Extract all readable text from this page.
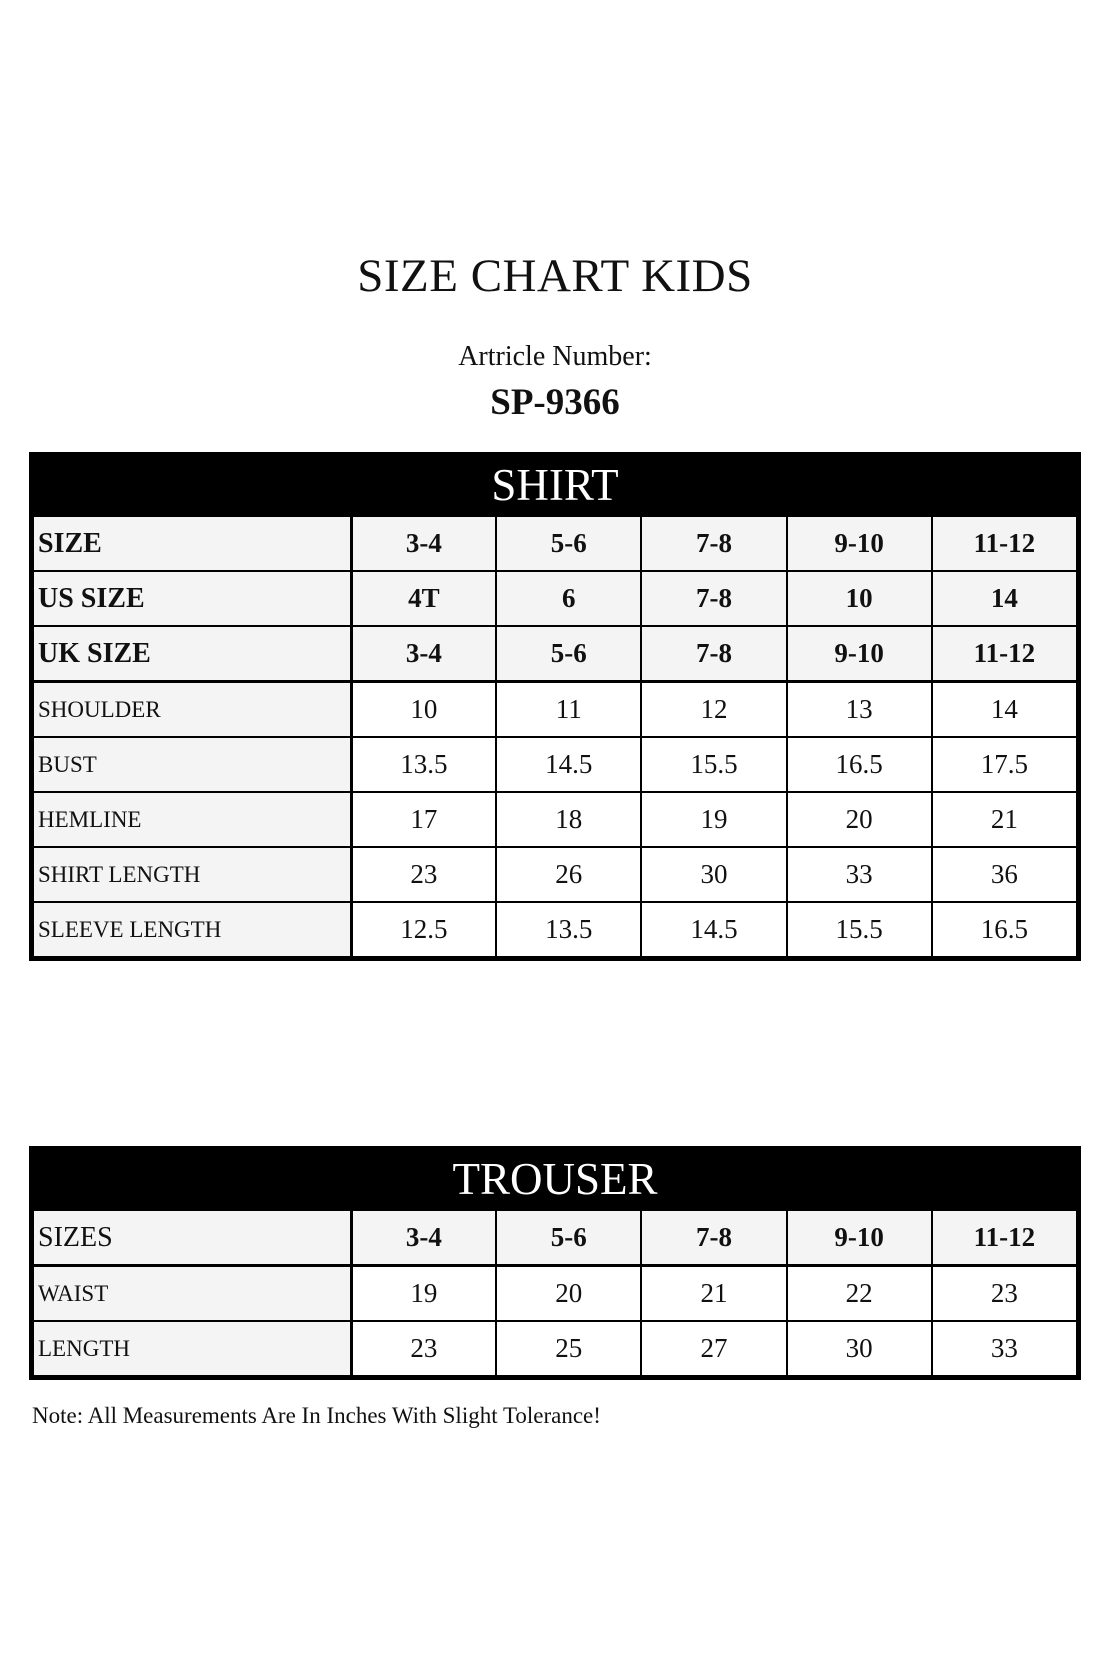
SIZE CHART KIDS
Artricle Number:
SP-9366
SHIRT
SIZE	3-4	5-6	7-8	9-10	11-12
US SIZE	4T	6	7-8	10	14
UK SIZE	3-4	5-6	7-8	9-10	11-12
SHOULDER	10	11	12	13	14
BUST	13.5	14.5	15.5	16.5	17.5
HEMLINE	17	18	19	20	21
SHIRT LENGTH	23	26	30	33	36
SLEEVE LENGTH	12.5	13.5	14.5	15.5	16.5
TROUSER
SIZES	3-4	5-6	7-8	9-10	11-12
WAIST	19	20	21	22	23
LENGTH	23	25	27	30	33
Note: All Measurements Are In Inches With Slight Tolerance!
